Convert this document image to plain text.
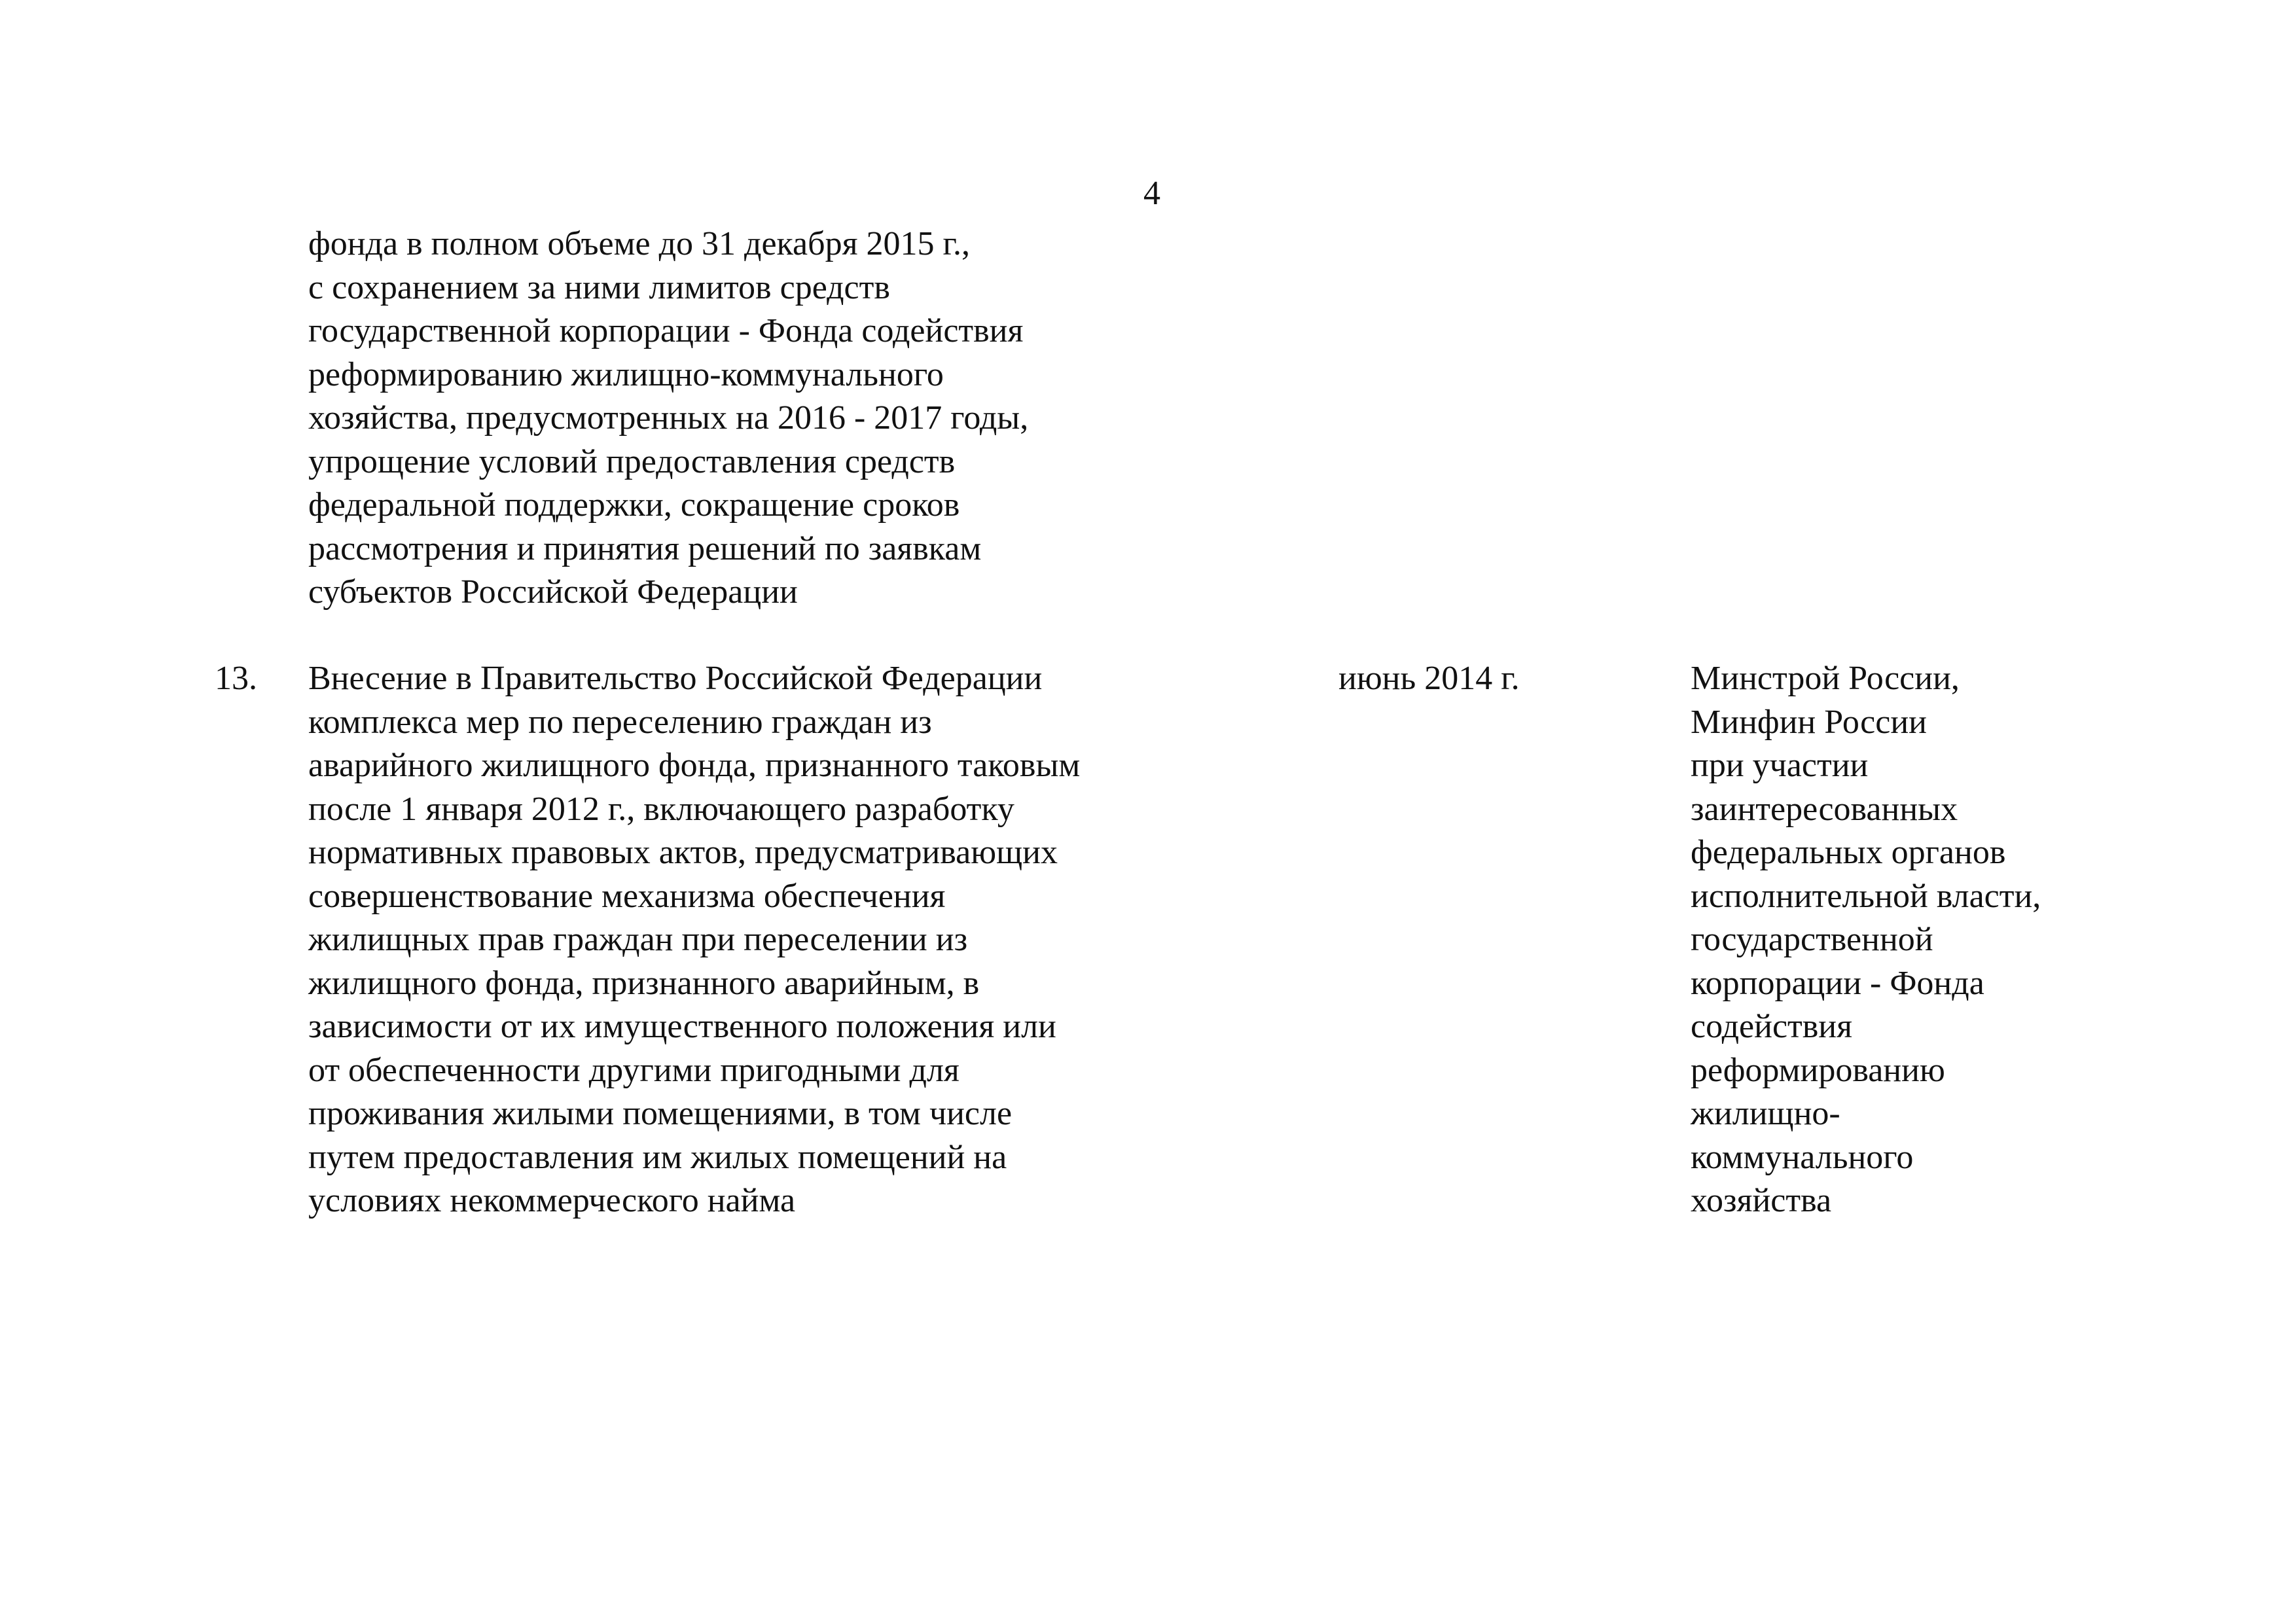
4
фонда в полном объеме до 31 декабря 2015 г.,
с сохранением за ними лимитов средств
государственной корпорации - Фонда содействия
реформированию жилищно-коммунального
хозяйства, предусмотренных на 2016 - 2017 годы,
упрощение условий предоставления средств
федеральной поддержки, сокращение сроков
рассмотрения и принятия решений по заявкам
субъектов Российской Федерации
13. Внесение в Правительство Российской Федерации
комплекса мер по переселению граждан из
аварийного жилищного фонда, признанного таковым
после 1 января 2012 г., включающего разработку
нормативных правовых актов, предусматривающих
совершенствование механизма обеспечения
жилищных прав граждан при переселении из
жилищного фонда, признанного аварийным, в
зависимости от их имущественного положения или
от обеспеченности другими пригодными для
проживания жилыми помещениями, в том числе
путем предоставления им жилых помещений на
условиях некоммерческого найма
июнь 2014 г.	Минстрой России,
Минфин России
при участии
заинтересованных
федеральных органов
исполнительной власти,
государственной
корпорации - Фонда
содействия
реформированию
жилищно-
коммунального
хозяйства
